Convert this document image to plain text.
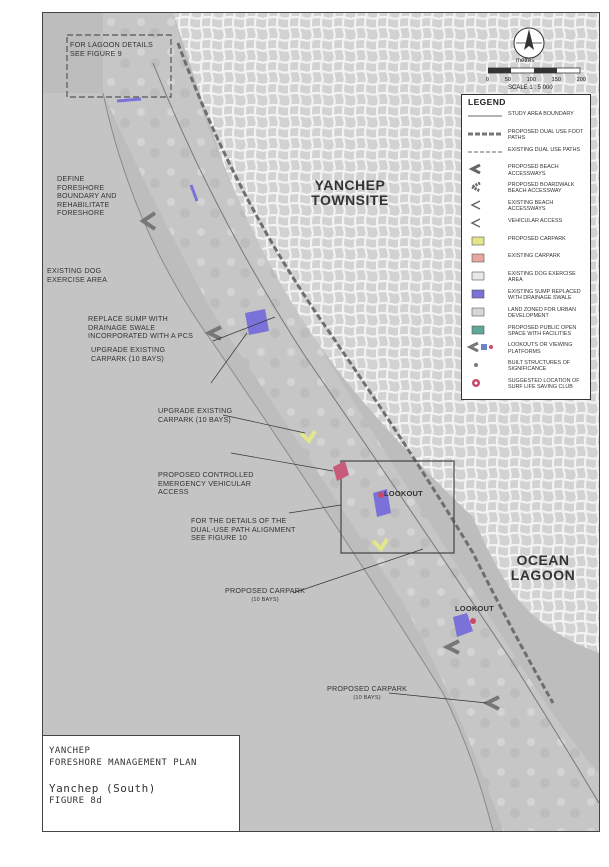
YANCHEP
TOWNSITE
OCEAN
LAGOON
LOOKOUT
LOOKOUT
FOR LAGOON DETAILS
SEE FIGURE 9
DEFINE
FORESHORE
BOUNDARY AND
REHABILITATE
FORESHORE
EXISTING DOG
EXERCISE AREA
REPLACE SUMP WITH
DRAINAGE SWALE
INCORPORATED WITH A PCS
UPGRADE EXISTING
CARPARK (10 BAYS)
UPGRADE EXISTING
CARPARK (10 BAYS)
PROPOSED CONTROLLED
EMERGENCY VEHICULAR
ACCESS
FOR THE DETAILS OF THE
DUAL-USE PATH ALIGNMENT
SEE FIGURE 10
PROPOSED CARPARK
(10 BAYS)
PROPOSED CARPARK
(10 BAYS)
metres
0	50	100	150	200
SCALE 1 : 5 000
LEGEND
STUDY AREA BOUNDARY
PROPOSED DUAL USE FOOT PATHS
EXISTING DUAL USE PATHS
PROPOSED BEACH ACCESSWAYS
PROPOSED BOARDWALK BEACH ACCESSWAY
EXISTING BEACH ACCESSWAYS
VEHICULAR ACCESS
PROPOSED CARPARK
EXISTING CARPARK
EXISTING DOG EXERCISE AREA
EXISTING SUMP REPLACED WITH DRAINAGE SWALE
LAND ZONED FOR URBAN DEVELOPMENT
PROPOSED PUBLIC OPEN SPACE WITH FACILITIES
LOOKOUTS OR VIEWING PLATFORMS
BUILT STRUCTURES OF SIGNIFICANCE
SUGGESTED LOCATION OF SURF LIFE SAVING CLUB
YANCHEP
FORESHORE MANAGEMENT PLAN
Yanchep (South)
FIGURE 8d
